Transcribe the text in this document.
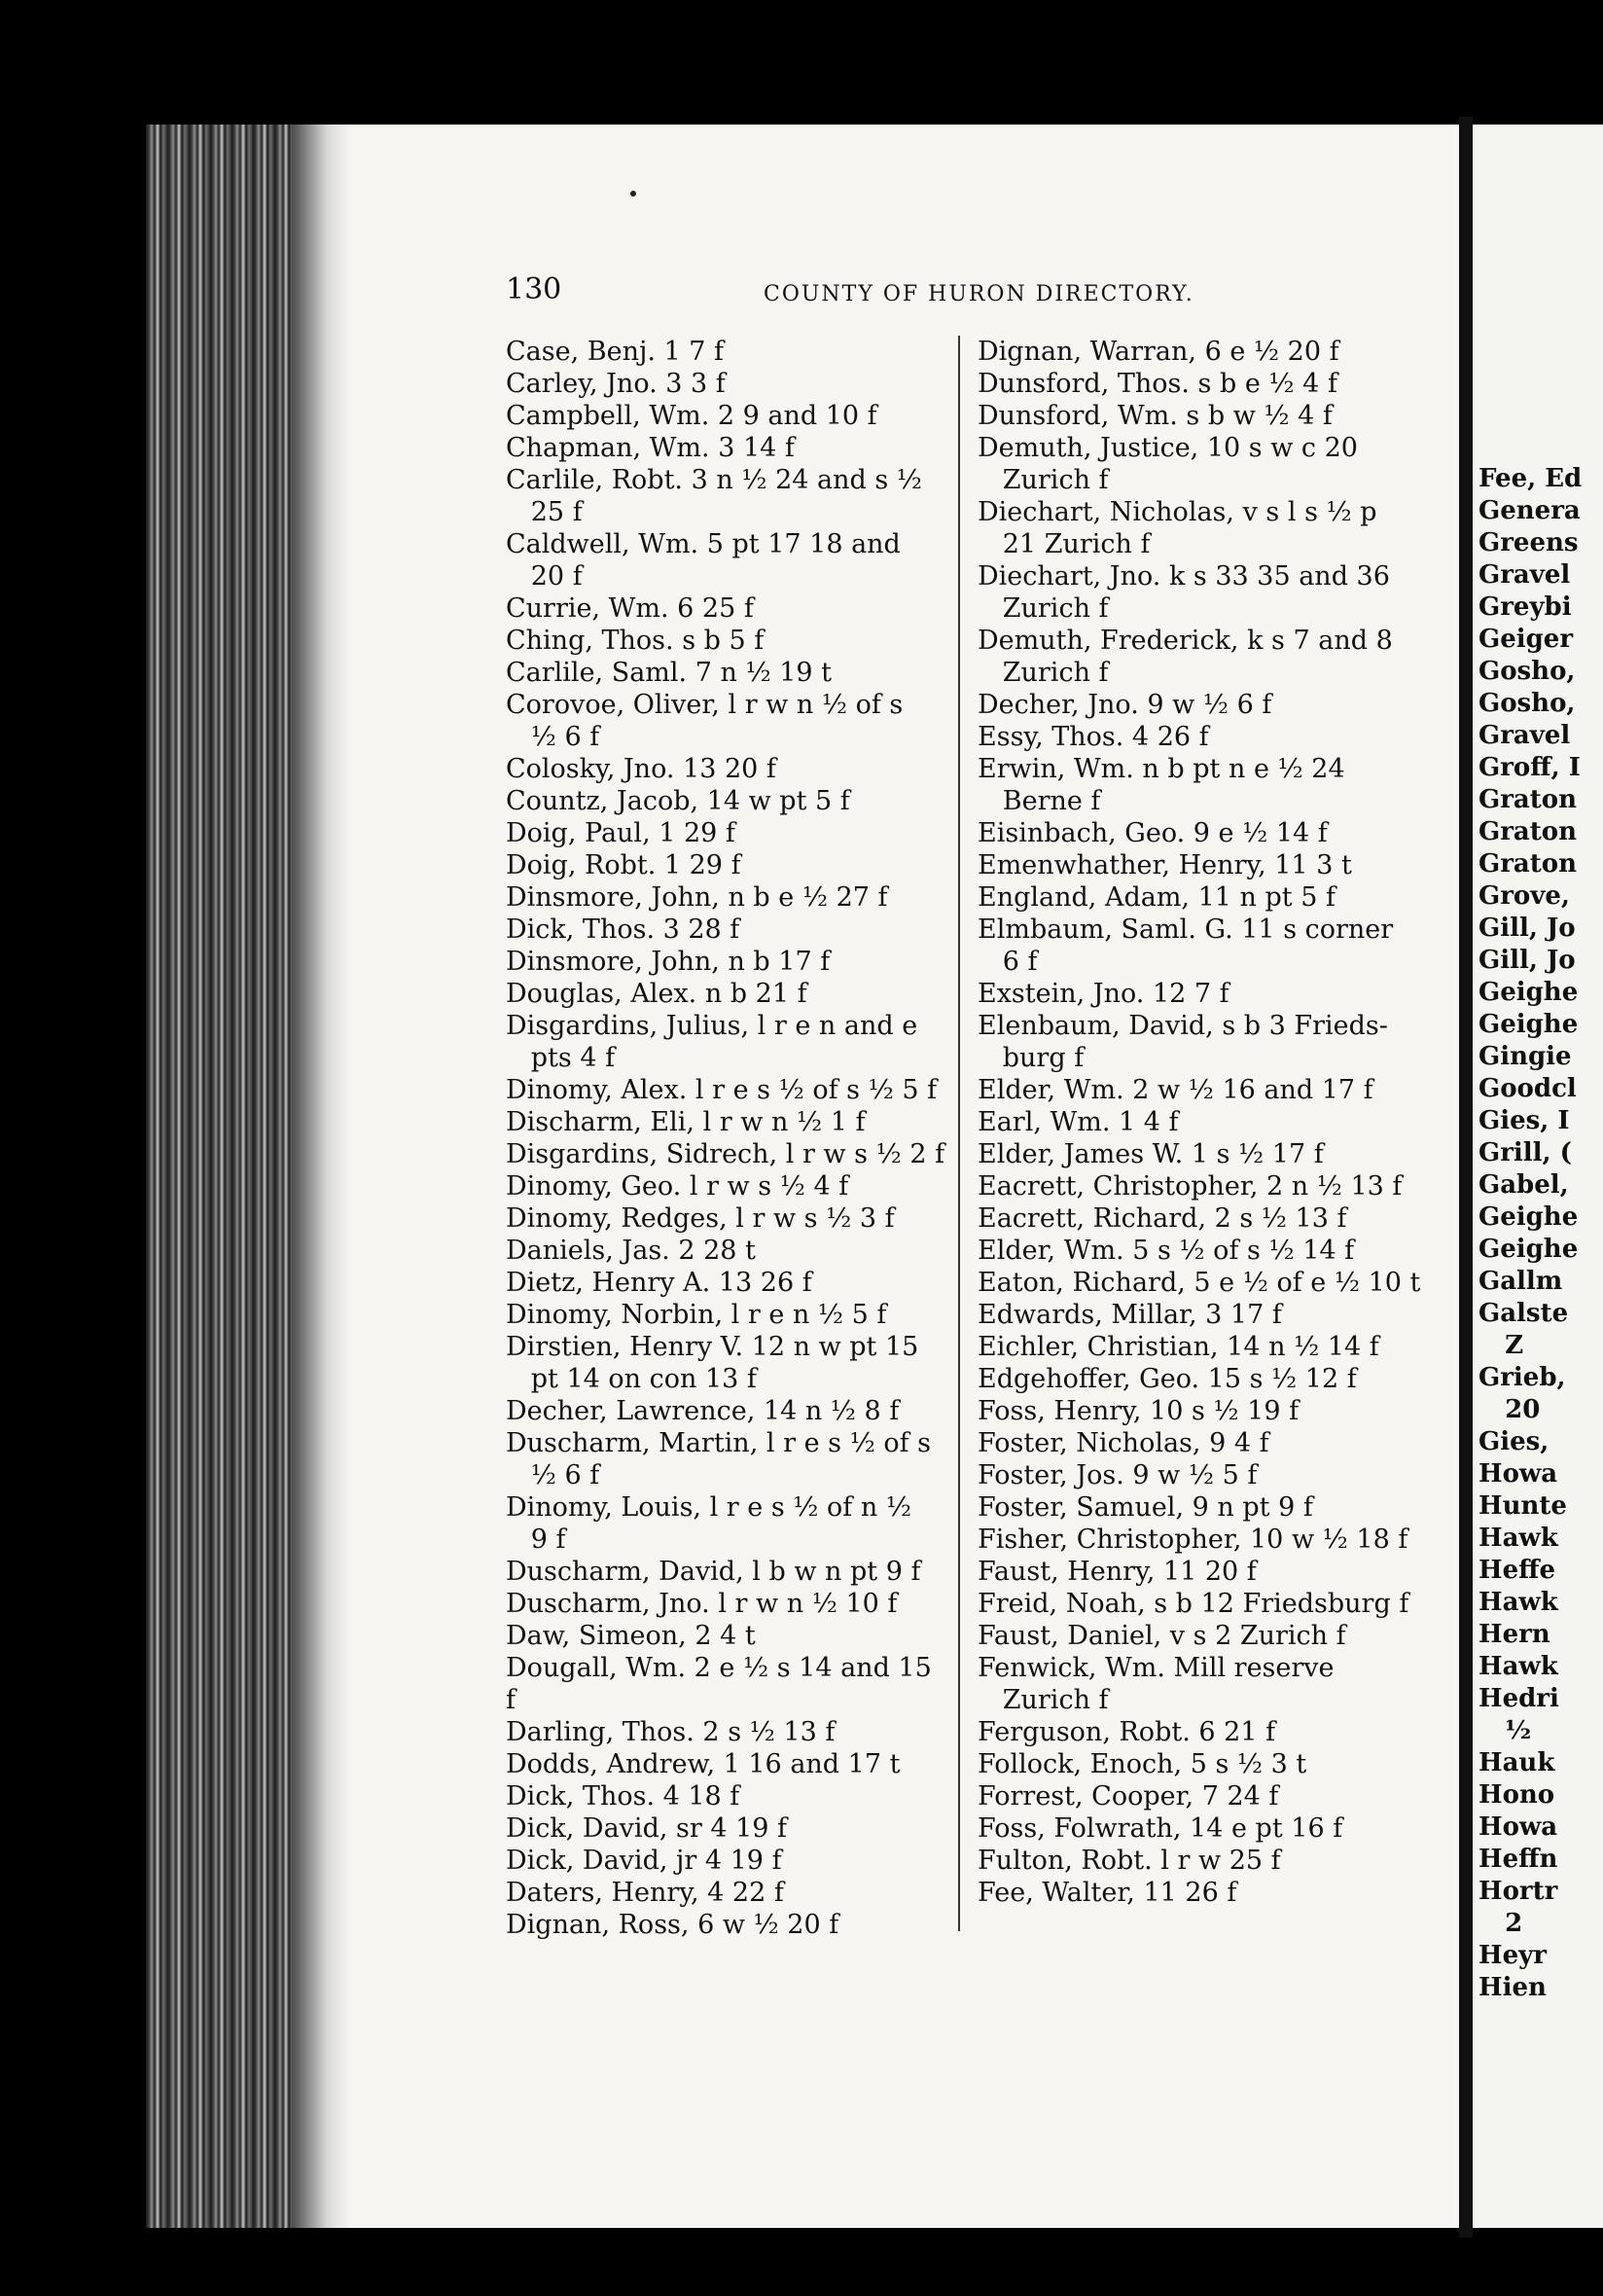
130	COUNTY OF HURON DIRECTORY.

Case, Benj. 1 7 f

Carley, Jno. 3 3 f

Campbell, Wm. 2 9 and 10 f

Chapman, Wm. 3 14 f

Carlile, Robt. 3 n ½ 24 and s ½
25 f

Caldwell, Wm. 5 pt 17 18 and
20 f

Currie, Wm. 6 25 f

Ching, Thos. s b 5 f

Carlile, Saml. 7 n ½ 19 t

Corovoe, Oliver, l r w n ½ of s
½ 6 f

Colosky, Jno. 13 20 f

Countz, Jacob, 14 w pt 5 f

Doig, Paul, 1 29 f

Doig, Robt. 1 29 f

Dinsmore, John, n b e ½ 27 f

Dick, Thos. 3 28 f

Dinsmore, John, n b 17 f

Douglas, Alex. n b 21 f

Disgardins, Julius, l r e n and e
pts 4 f

Dinomy, Alex. l r e s ½ of s ½ 5 f

Discharm, Eli, l r w n ½ 1 f

Disgardins, Sidrech, l r w s ½ 2 f

Dinomy, Geo. l r w s ½ 4 f

Dinomy, Redges, l r w s ½ 3 f

Daniels, Jas. 2 28 t

Dietz, Henry A. 13 26 f

Dinomy, Norbin, l r e n ½ 5 f

Dirstien, Henry V. 12 n w pt 15
pt 14 on con 13 f

Decher, Lawrence, 14 n ½ 8 f

Duscharm, Martin, l r e s ½ of s
½ 6 f

Dinomy, Louis, l r e s ½ of n ½
9 f

Duscharm, David, l b w n pt 9 f

Duscharm, Jno. l r w n ½ 10 f

Daw, Simeon, 2 4 t

Dougall, Wm. 2 e ½ s 14 and 15 f

Darling, Thos. 2 s ½ 13 f

Dodds, Andrew, 1 16 and 17 t

Dick, Thos. 4 18 f

Dick, David, sr 4 19 f

Dick, David, jr 4 19 f

Daters, Henry, 4 22 f

Dignan, Ross, 6 w ½ 20 f

Dignan, Warran, 6 e ½ 20 f

Dunsford, Thos. s b e ½ 4 f

Dunsford, Wm. s b w ½ 4 f

Demuth, Justice, 10 s w c 20
Zurich f

Diechart, Nicholas, v s l s ½ p
21 Zurich f

Diechart, Jno. k s 33 35 and 36
Zurich f

Demuth, Frederick, k s 7 and 8
Zurich f

Decher, Jno. 9 w ½ 6 f

Essy, Thos. 4 26 f

Erwin, Wm. n b pt n e ½ 24
Berne f

Eisinbach, Geo. 9 e ½ 14 f

Emenwhather, Henry, 11 3 t

England, Adam, 11 n pt 5 f

Elmbaum, Saml. G. 11 s corner
6 f

Exstein, Jno. 12 7 f

Elenbaum, David, s b 3 Frieds-
burg f

Elder, Wm. 2 w ½ 16 and 17 f

Earl, Wm. 1 4 f

Elder, James W. 1 s ½ 17 f

Eacrett, Christopher, 2 n ½ 13 f

Eacrett, Richard, 2 s ½ 13 f

Elder, Wm. 5 s ½ of s ½ 14 f

Eaton, Richard, 5 e ½ of e ½ 10 t

Edwards, Millar, 3 17 f

Eichler, Christian, 14 n ½ 14 f

Edgehoffer, Geo. 15 s ½ 12 f

Foss, Henry, 10 s ½ 19 f

Foster, Nicholas, 9 4 f

Foster, Jos. 9 w ½ 5 f

Foster, Samuel, 9 n pt 9 f

Fisher, Christopher, 10 w ½ 18 f

Faust, Henry, 11 20 f

Freid, Noah, s b 12 Friedsburg f

Faust, Daniel, v s 2 Zurich f

Fenwick, Wm. Mill reserve
Zurich f

Ferguson, Robt. 6 21 f

Follock, Enoch, 5 s ½ 3 t

Forrest, Cooper, 7 24 f

Foss, Folwrath, 14 e pt 16 f

Fulton, Robt. l r w 25 f

Fee, Walter, 11 26 f

Fee, Ed

Genera

Greens

Gravel

Greybi

Geiger

Gosho,

Gosho,

Gravel

Groff, I

Graton

Graton

Graton

Grove,

Gill, Jo

Gill, Jo

Geighe

Geighe

Gingie

Goodcl

Gies, I

Grill, (

Gabel,

Geighe

Geighe

Gallm

Galste

Z

Grieb,

20

Gies,

Howa

Hunte

Hawk

Heffe

Hawk

Hern

Hawk

Hedri

½

Hauk

Hono

Howa

Heffn

Hortr

2

Heyr

Hien
